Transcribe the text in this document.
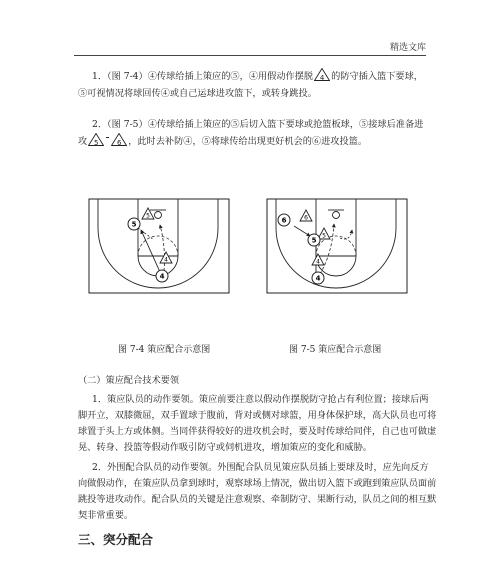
精选文库

1．（图 7-4）④传球给插上策应的⑤，④用假动作摆脱 4 的防守插入篮下要球，
⑤可视情况将球回传④或自己运球进攻篮下，或转身跳投。

2．（图 7-5）④传球给插上策应的⑤后切入篮下要球或抢篮板球，⑤接球后准备进
攻 5	6 ，此时去补防④，⑤将球传给出现更好机会的⑥进攻投篮。

5
4
5
4
6
5
4
6
5
4
图 7-4 策应配合示意图	图 7-5 策应配合示意图
（二）策应配合技术要领

1．策应队员的动作要领。策应前要注意以假动作摆脱防守抢占有利位置；接球后两
脚开立，双膝微屈，双手置球于腹前，背对或侧对球篮，用身体保护球，高大队员也可将
球置于头上方或体侧。当同伴获得较好的进攻机会时，要及时传球给同伴，自己也可做虚
晃、转身、投篮等假动作吸引防守或伺机进攻，增加策应的变化和威胁。

2．外围配合队员的动作要领。外围配合队员见策应队员插上要球及时，应先向反方
向做假动作，在策应队员拿到球时，观察球场上情况，做出切入篮下或跑到策应队员面前
跳投等进攻动作。配合队员的关键是注意观察、牵制防守、果断行动，队员之间的相互默
契非常重要。

三、突分配合
